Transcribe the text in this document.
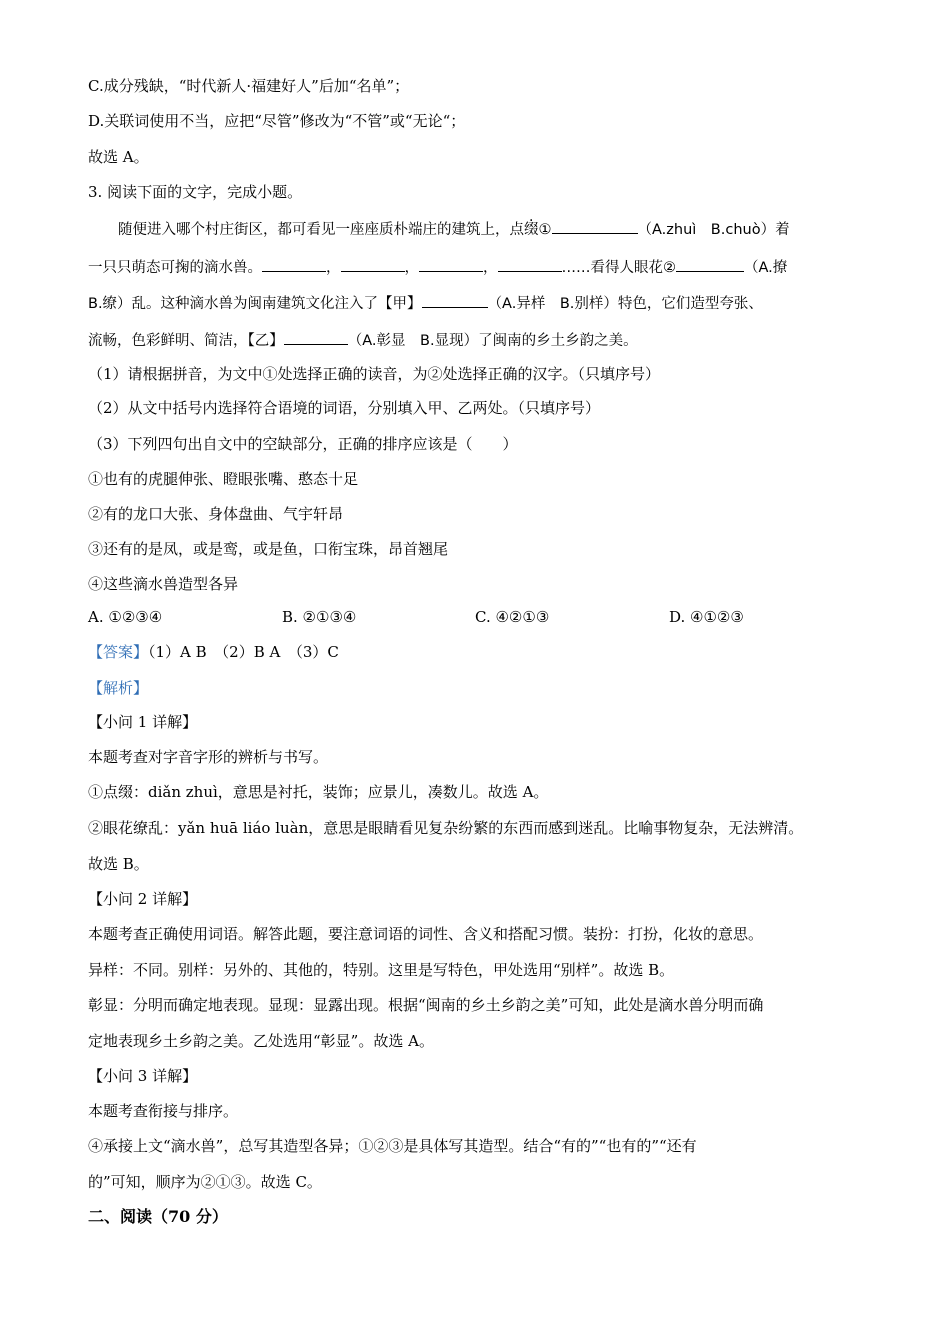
C.成分残缺，“时代新人·福建好人”后加“名单”；
D.关联词使用不当，应把“尽管”修改为“不管”或“无论“；
故选 A。
3. 阅读下面的文字，完成小题。
随便进入哪个村庄街区，都可看见一座座质朴端庄的建筑上，点缀①	（A.zhuì　B.chuò）着
一只只萌态可掬的滴水兽。	，	，	，	……看得人眼花②	（A.撩
B.缭）乱。这种滴水兽为闽南建筑文化注入了【甲】	（A.异样　B.别样）特色，它们造型夸张、
流畅，色彩鲜明、简洁，【乙】	（A.彰显　B.显现）了闽南的乡土乡韵之美。
（1）请根据拼音，为文中①处选择正确的读音，为②处选择正确的汉字。（只填序号）
（2）从文中括号内选择符合语境的词语，分别填入甲、乙两处。（只填序号）
（3）下列四句出自文中的空缺部分，正确的排序应该是（　　）
①也有的虎腿伸张、瞪眼张嘴、憨态十足
②有的龙口大张、身体盘曲、气宇轩昂
③还有的是凤，或是鸾，或是鱼，口衔宝珠，昂首翘尾
④这些滴水兽造型各异
A. ①②③④	B. ②①③④	C. ④②①③	D. ④①②③
【答案】（1）A B　（2）B A　（3）C
【解析】
【小问 1 详解】
本题考查对字音字形的辨析与书写。
①点缀：diǎn zhuì，意思是衬托，装饰；应景儿，凑数儿。故选 A。
②眼花缭乱：yǎn huā liáo luàn，意思是眼睛看见复杂纷繁的东西而感到迷乱。比喻事物复杂，无法辨清。
故选 B。
【小问 2 详解】
本题考查正确使用词语。解答此题，要注意词语的词性、含义和搭配习惯。装扮：打扮，化妆的意思。
异样：不同。别样：另外的、其他的，特别。这里是写特色，甲处选用“别样”。故选 B。
彰显：分明而确定地表现。显现：显露出现。根据“闽南的乡土乡韵之美”可知，此处是滴水兽分明而确
定地表现乡土乡韵之美。乙处选用“彰显”。故选 A。
【小问 3 详解】
本题考查衔接与排序。
④承接上文“滴水兽”，总写其造型各异；①②③是具体写其造型。结合“有的”“也有的”“还有
的”可知，顺序为②①③。故选 C。
二、阅读（70 分）
